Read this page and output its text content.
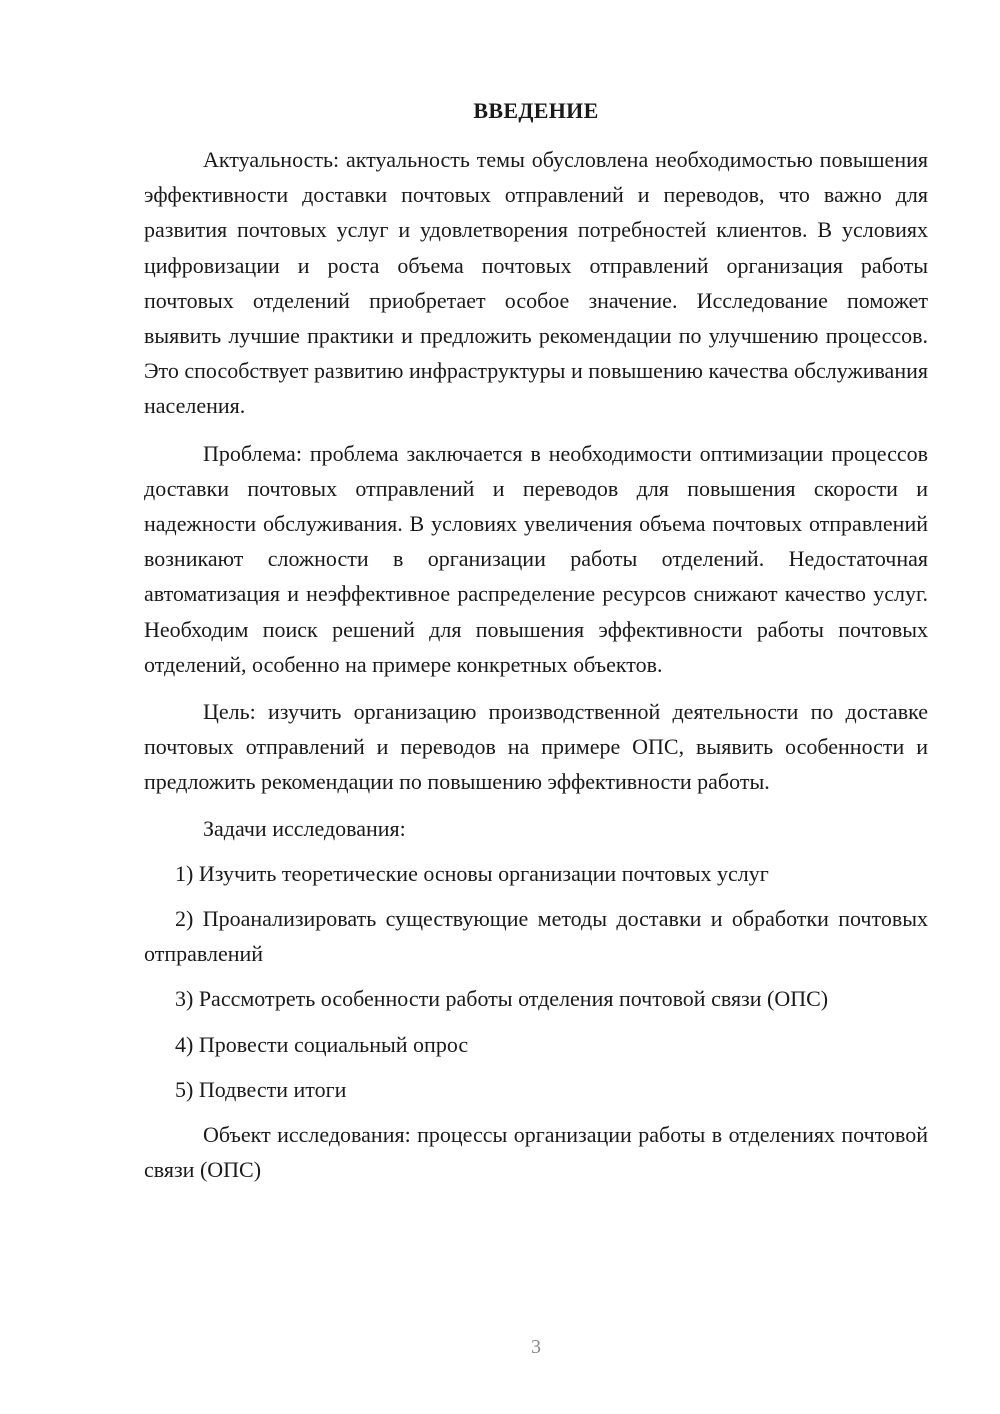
ВВЕДЕНИЕ

Актуальность: актуальность темы обусловлена необходимостью повышения эффективности доставки почтовых отправлений и переводов, что важно для развития почтовых услуг и удовлетворения потребностей клиентов. В условиях цифровизации и роста объема почтовых отправлений организация работы почтовых отделений приобретает особое значение. Исследование поможет выявить лучшие практики и предложить рекомендации по улучшению процессов. Это способствует развитию инфраструктуры и повышению качества обслуживания населения.

Проблема: проблема заключается в необходимости оптимизации процессов доставки почтовых отправлений и переводов для повышения скорости и надежности обслуживания. В условиях увеличения объема почтовых отправлений возникают сложности в организации работы отделений. Недостаточная автоматизация и неэффективное распределение ресурсов снижают качество услуг. Необходим поиск решений для повышения эффективности работы почтовых отделений, особенно на примере конкретных объектов.

Цель: изучить организацию производственной деятельности по доставке почтовых отправлений и переводов на примере ОПС, выявить особенности и предложить рекомендации по повышению эффективности работы.

Задачи исследования:

1) Изучить теоретические основы организации почтовых услуг

2) Проанализировать существующие методы доставки и обработки почтовых отправлений

3) Рассмотреть особенности работы отделения почтовой связи (ОПС)

4) Провести социальный опрос

5) Подвести итоги

Объект исследования: процессы организации работы в отделениях почтовой связи (ОПС)

3
